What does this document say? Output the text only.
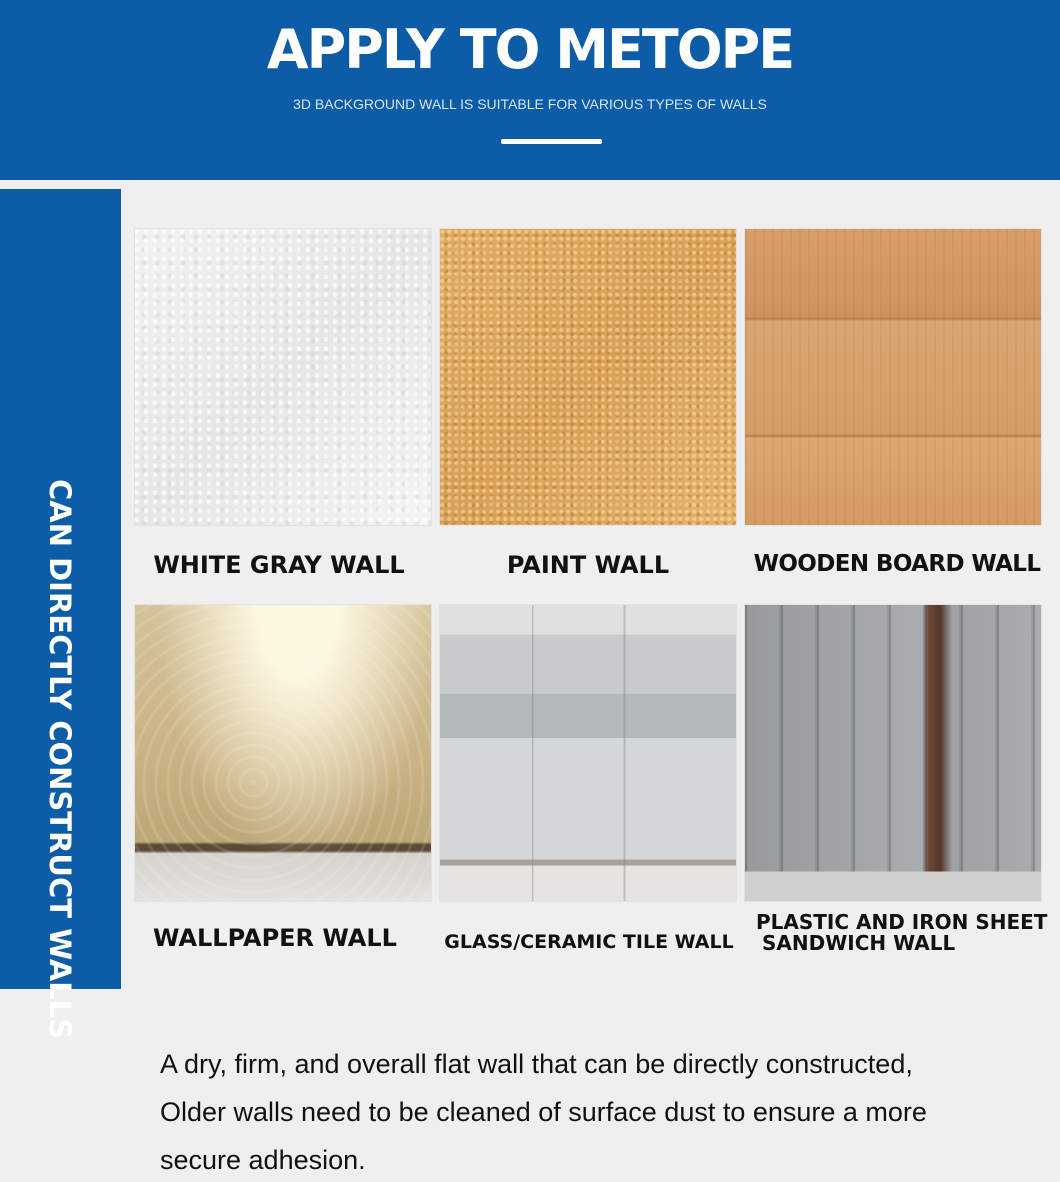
APPLY TO METOPE
3D BACKGROUND WALL IS SUITABLE FOR VARIOUS TYPES OF WALLS
CAN DIRECTLY CONSTRUCT WALLS	WHITE GRAY WALL	PAINT WALL	WOODEN BOARD WALL
WALLPAPER WALL	GLASS/CERAMIC TILE WALL
PLASTIC AND IRON SHEET
SANDWICH WALL
A dry, firm, and overall flat wall that can be directly constructed,
Older walls need to be cleaned of surface dust to ensure a more
secure adhesion.
